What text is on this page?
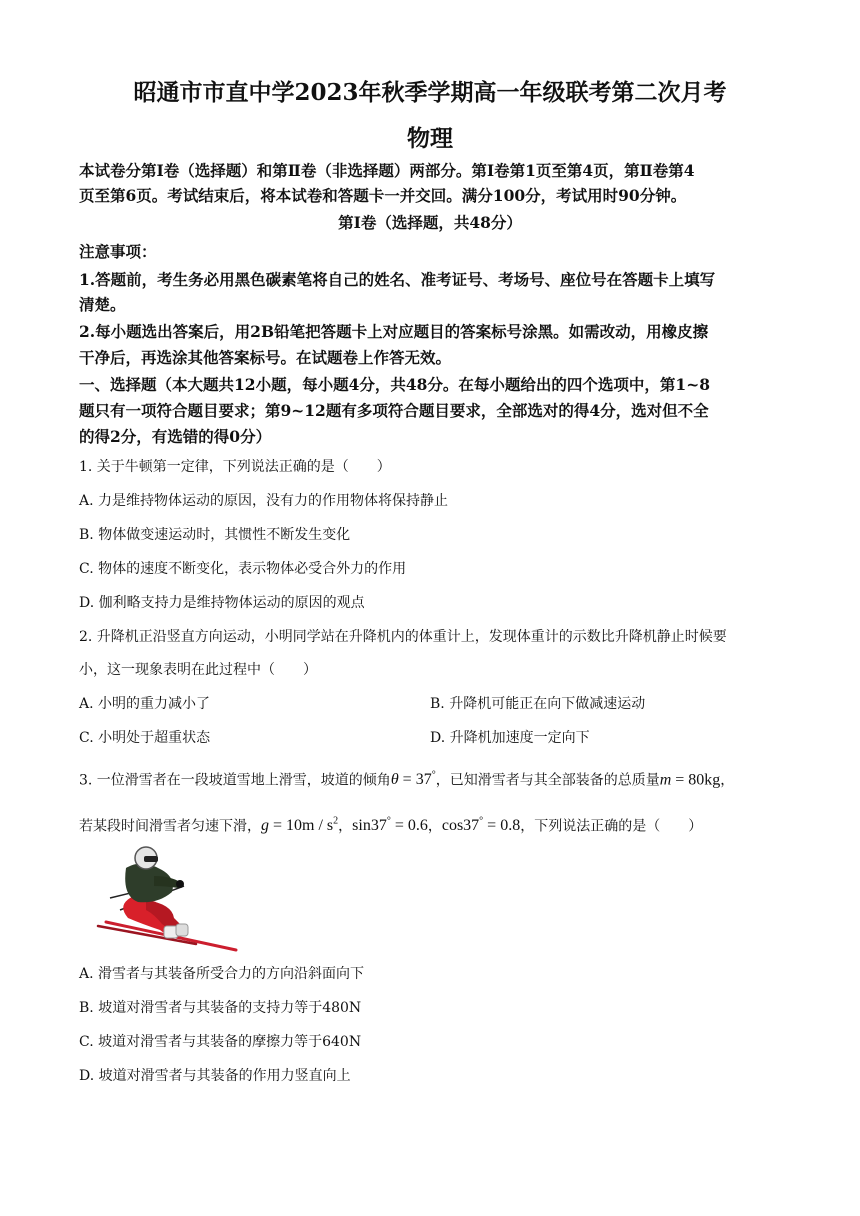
昭通市市直中学2023年秋季学期高一年级联考第二次月考
物理
本试卷分第Ⅰ卷（选择题）和第Ⅱ卷（非选择题）两部分。第Ⅰ卷第1页至第4页，第Ⅱ卷第4
页至第6页。考试结束后，将本试卷和答题卡一并交回。满分100分，考试用时90分钟。
第Ⅰ卷（选择题，共48分）
注意事项：
1.答题前，考生务必用黑色碳素笔将自己的姓名、准考证号、考场号、座位号在答题卡上填写
清楚。
2.每小题选出答案后，用2B铅笔把答题卡上对应题目的答案标号涂黑。如需改动，用橡皮擦
干净后，再选涂其他答案标号。在试题卷上作答无效。
一、选择题（本大题共12小题，每小题4分，共48分。在每小题给出的四个选项中，第1~8
题只有一项符合题目要求；第9~12题有多项符合题目要求，全部选对的得4分，选对但不全
的得2分，有选错的得0分）
1. 关于牛顿第一定律，下列说法正确的是（　　）
A. 力是维持物体运动的原因，没有力的作用物体将保持静止
B. 物体做变速运动时，其惯性不断发生变化
C. 物体的速度不断变化，表示物体必受合外力的作用
D. 伽利略支持力是维持物体运动的原因的观点
2. 升降机正沿竖直方向运动，小明同学站在升降机内的体重计上，发现体重计的示数比升降机静止时候要
小，这一现象表明在此过程中（　　）
A. 小明的重力减小了	B. 升降机可能正在向下做减速运动
C. 小明处于超重状态	D. 升降机加速度一定向下
3. 一位滑雪者在一段坡道雪地上滑雪，坡道的倾角θ = 37°，已知滑雪者与其全部装备的总质量m = 80kg，
若某段时间滑雪者匀速下滑，$g = 10m / s^2$，sin37° = 0.6，cos37° = 0.8，下列说法正确的是（　　）
A. 滑雪者与其装备所受合力的方向沿斜面向下
B. 坡道对滑雪者与其装备的支持力等于480N
C. 坡道对滑雪者与其装备的摩擦力等于640N
D. 坡道对滑雪者与其装备的作用力竖直向上
